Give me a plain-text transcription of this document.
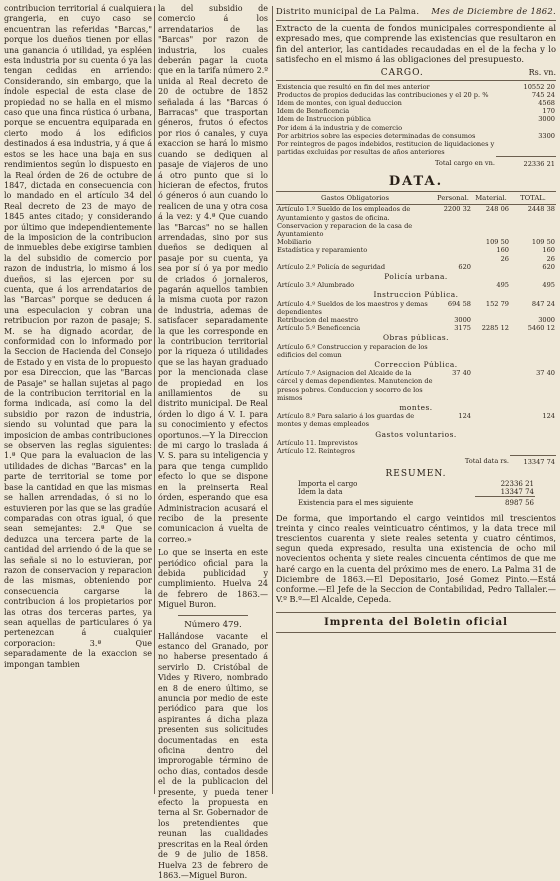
contribucion territorial á cualquiera grangeria, en cuyo caso se encuentran las referidas "Barcas," porque los dueños tienen por ellas una ganancia ó utilidad, ya espléen esta industria por su cuenta ó ya las tengan cedidas en arriendo: Considerando, sin embargo, que la índole especial de esta clase de propiedad no se halla en el mismo caso que una finca rústica ó urbana, porque se encuentra equiparada en cierto modo á los edificios destinados á esa industria, y á que á estos se les hace una baja en sus rendimientos según lo dispuesto en la Real órden de 26 de octubre de 1847, dictada en consecuencia con lo mandado en el artículo 34 del Real decreto de 23 de mayo de 1845 antes citado; y considerando por último que independientemente de la imposicion de la contribucion de inmuebles debe exigirse tambien la del subsidio de comercio por razon de industria, lo mismo á los dueños, si las ejercen por su cuenta, que á los arrendatarios de las "Barcas" porque se deducen á una especulacion y cobran una retribucion por razon de pasaje; S. M. se ha dignado acordar, de conformidad con lo informado por la Seccion de Hacienda del Consejo de Estado y en vista de lo propuesto por esa Direccion, que las "Barcas de Pasaje" se hallan sujetas al pago de la contribucion territorial en la forma indicada, así como la del subsidio por razon de industria, siendo su voluntad que para la imposicion de ambas contribuciones se observen las reglas siguientes: 1.ª Que para la evaluacion de las utilidades de dichas "Barcas" en la parte de territorial se tome por base la cantidad en que las mismas se hallen arrendadas, ó si no lo estuvieren por las que se las gradúe comparadas con otras igual, ó que sean semejantes: 2.ª Que se deduzca una tercera parte de la cantidad del arriendo ó de la que se las señale si no lo estuvieran, por razon de conservacion y reparacion de las mismas, obteniendo por consecuencia cargarse la contribucion á los propietarios por las otras dos terceras partes, ya sean aquellas de particulares ó ya pertenezcan á cualquier corporacion: 3.ª Que separadamente de la exaccion se impongan tambien

la del subsidio de comercio á los arrendatarios de las "Barcas" por razon de industria, los cuales deberán pagar la cuota que en la tarifa número 2.º unida al Real decreto de 20 de octubre de 1852 señalada á las "Barcas ó Barracas" que trasportan géneros, frutos ó efectos por rios ó canales, y cuya exaccion se hará lo mismo cuando se dediquen al pasaje de viajeros de uno á otro punto que si lo hicieran de efectos, frutos ó géneros ó aun cuando lo realicen de una y otra cosa á la vez: y 4.ª Que cuando las "Barcas" no se hallen arrendadas, sino por sus dueños se dediquen al pasaje por su cuenta, ya sea por sí ó ya por medio de criados ó jornaleros, pagarán aquellos tambien la misma cuota por razon de industria, ademas de satisfacer separadamente la que les corresponde en la contribucion territorial por la riqueza ó utilidades que se las hayan graduado por la mencionada clase de propiedad en los anillamientos de su distrito municipal. De Real órden lo digo á V. I. para su conocimiento y efectos oportunos.—Y la Direccion de mi cargo lo traslada á V. S. para su inteligencia y para que tenga cumplido efecto lo que se dispone en la preinserta Real órden, esperando que esa Administracion acusará el recibo de la presente comunicacion á vuelta de correo.»

Lo que se inserta en este periódico oficial para la debida publicidad y cumplimiento. Huelva 24 de febrero de 1863.—Miguel Buron.

Número 479.

Hallándose vacante el estanco del Granado, por no haberse presentado á servirlo D. Cristóbal de Vides y Rivero, nombrado en 8 de enero último, se anuncia por medio de este periódico para que los aspirantes á dicha plaza presenten sus solicitudes documentadas en esta oficina dentro del improrogable término de ocho dias, contados desde el de la publicacion del presente, y pueda tener efecto la propuesta en terna al Sr. Gobernador de los pretendientes que reunan las cualidades prescritas en la Real órden de 9 de julio de 1858. Huelva 23 de febrero de 1863.—Miguel Buron.

Distrito municipal de La Palma. Mes de Diciembre de 1862.

Extracto de la cuenta de fondos municipales correspondiente al expresado mes, que comprende las existencias que resultaron en fin del anterior, las cantidades recaudadas en el de la fecha y lo satisfecho en el mismo á las obligaciones del presupuesto.

CARGO.	Rs. vn.
Existencia que resultó en fin del mes anterior	10552 20
Productos de propios deducidas las contribuciones y el 20 p. %	745 24
Idem de montes, con igual deduccion	4568
Idem de Beneficencia	170
Idem de Instruccion pública	3000
Por idem á la industria y de comercio	
Por arbitrios sobre las especies determinadas de consumos	3300
Por reintegros de pagos indebidos, restitucion de liquidaciones y partidas excluidas por resultas de años anteriores	
Total cargo en vn.	22336 21
DATA.
Gastos Obligatorios	Personal.	Material.	TOTAL.
Artículo 1.º Sueldo de los empleados de Ayuntamiento y gastos de oficina.	2200 32	248 06	2448 38
Conservacion y reparacion de la casa de Ayuntamiento			
Mobiliario		109 50	109 50
Estadística y reparamiento		160	160
		26	26
Artículo 2.º Policía de seguridad	620		620
Policía urbana.			
Artículo 3.º Alumbrado		495	495
Instruccion Pública.			
Artículo 4.º Sueldos de los maestros y demas dependientes	694 58	152 79	847 24
Retribucion del maestro	3000		3000
Artículo 5.º Beneficencia	3175	2285 12	5460 12
Obras públicas.			
Artículo 6.º Construccion y reparacion de los edificios del comun			
Correccion Pública.			
Artículo 7.º Asignacion del Alcaide de la cárcel y demas dependientes. Manutencion de presos pobres. Conduccion y socorro de los mismos	37 40		37 40
montes.			
Artículo 8.º Para salario á los guardas de montes y demas empleados	124		124
Gastos voluntarios.			
Artículo 11. Imprevistos			
Artículo 12. Reintegros			
Total data rs.			13347 74
RESUMEN.
Importa el cargo	22336 21
Idem la data	13347 74
Existencia para el mes siguiente	8987 56

De forma, que importando el cargo veintidos mil trescientos treinta y cinco reales veinticuatro céntimos, y la data trece mil trescientos cuarenta y siete reales setenta y cuatro céntimos, segun queda expresado, resulta una existencia de ocho mil novecientos ochenta y siete reales cincuenta céntimos de que me haré cargo en la cuenta del próximo mes de enero. La Palma 31 de Diciembre de 1863.—El Depositario, José Gomez Pinto.—Está conforme.—El Jefe de la Seccion de Contabilidad, Pedro Tallaler.—V.º B.º—El Alcalde, Cepeda.

Imprenta del Boletin oficial
